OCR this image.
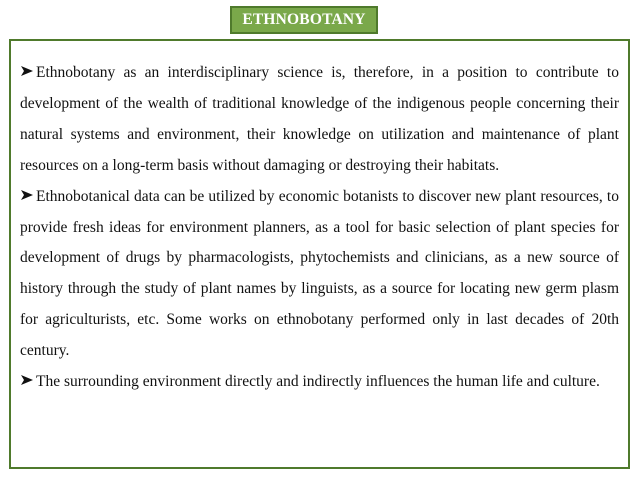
ETHNOBOTANY

Ethnobotany as an interdisciplinary science is, therefore, in a position to contribute to development of the wealth of traditional knowledge of the indigenous people concerning their natural systems and environment, their knowledge on utilization and maintenance of plant resources on a long-term basis without damaging or destroying their habitats.

Ethnobotanical data can be utilized by economic botanists to discover new plant resources, to provide fresh ideas for environment planners, as a tool for basic selection of plant species for development of drugs by pharmacologists, phytochemists and clinicians, as a new source of history through the study of plant names by linguists, as a source for locating new germ plasm for agriculturists, etc. Some works on ethnobotany performed only in last decades of 20th century.

The surrounding environment directly and indirectly influences the human life and culture.
